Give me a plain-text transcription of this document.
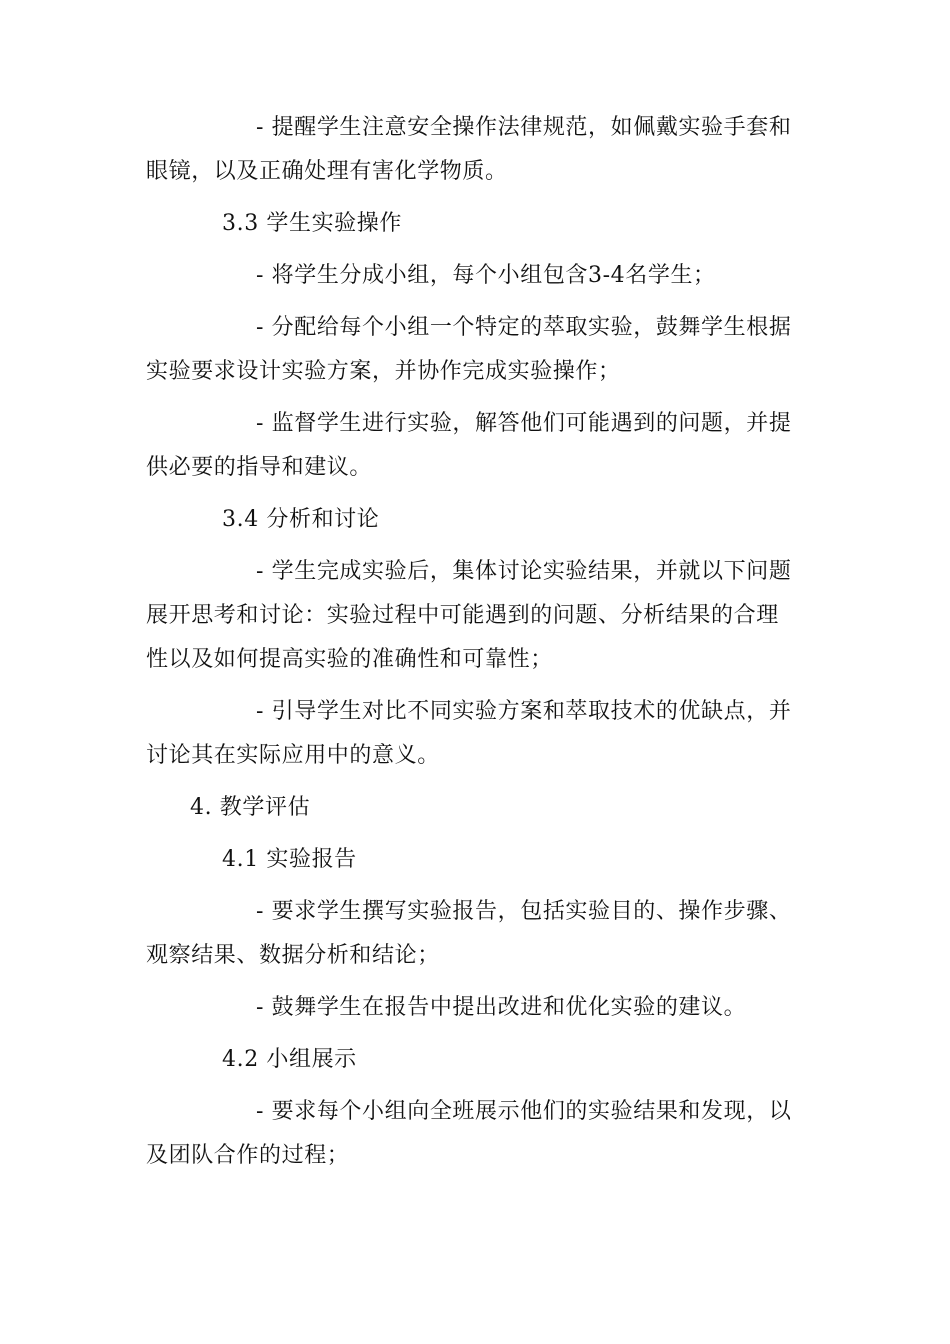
- 提醒学生注意安全操作法律规范，如佩戴实验手套和眼镜，以及正确处理有害化学物质。

3.3 学生实验操作

- 将学生分成小组，每个小组包含3-4名学生；

- 分配给每个小组一个特定的萃取实验，鼓舞学生根据实验要求设计实验方案，并协作完成实验操作；

- 监督学生进行实验，解答他们可能遇到的问题，并提供必要的指导和建议。

3.4 分析和讨论

- 学生完成实验后，集体讨论实验结果，并就以下问题展开思考和讨论：实验过程中可能遇到的问题、分析结果的合理性以及如何提高实验的准确性和可靠性；

- 引导学生对比不同实验方案和萃取技术的优缺点，并讨论其在实际应用中的意义。

4. 教学评估

4.1 实验报告

- 要求学生撰写实验报告，包括实验目的、操作步骤、观察结果、数据分析和结论；

- 鼓舞学生在报告中提出改进和优化实验的建议。

4.2 小组展示

- 要求每个小组向全班展示他们的实验结果和发现，以及团队合作的过程；
